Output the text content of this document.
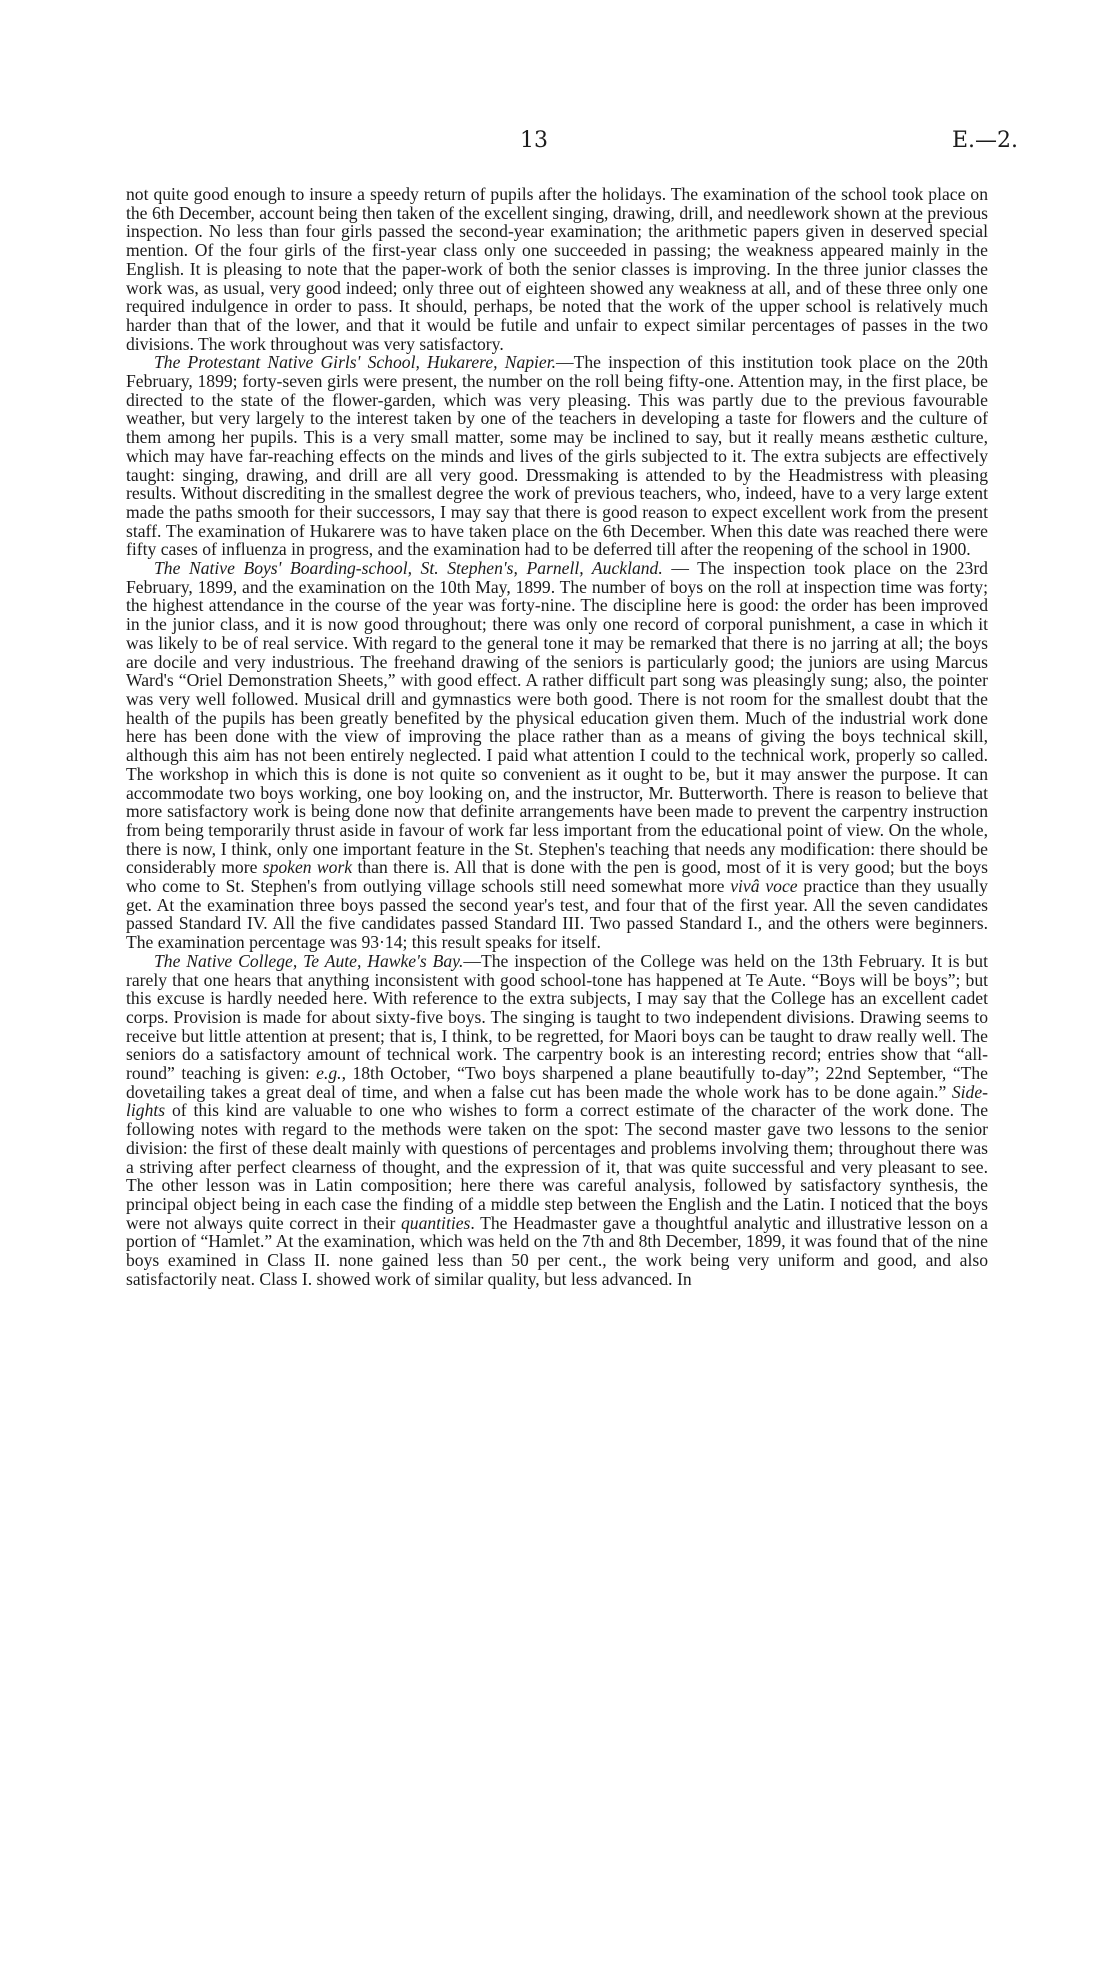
13	E.—2.

not quite good enough to insure a speedy return of pupils after the holidays. The examination of the school took place on the 6th December, account being then taken of the excellent singing, drawing, drill, and needlework shown at the previous inspection. No less than four girls passed the second-year examination; the arithmetic papers given in deserved special mention. Of the four girls of the first-year class only one succeeded in passing; the weakness appeared mainly in the English. It is pleasing to note that the paper-work of both the senior classes is improving. In the three junior classes the work was, as usual, very good indeed; only three out of eighteen showed any weakness at all, and of these three only one required indulgence in order to pass. It should, perhaps, be noted that the work of the upper school is relatively much harder than that of the lower, and that it would be futile and unfair to expect similar percentages of passes in the two divisions. The work throughout was very satisfactory.

The Protestant Native Girls' School, Hukarere, Napier.—The inspection of this institution took place on the 20th February, 1899; forty-seven girls were present, the number on the roll being fifty-one. Attention may, in the first place, be directed to the state of the flower-garden, which was very pleasing. This was partly due to the previous favourable weather, but very largely to the interest taken by one of the teachers in developing a taste for flowers and the culture of them among her pupils. This is a very small matter, some may be inclined to say, but it really means æsthetic culture, which may have far-reaching effects on the minds and lives of the girls subjected to it. The extra subjects are effectively taught: singing, drawing, and drill are all very good. Dressmaking is attended to by the Headmistress with pleasing results. Without discrediting in the smallest degree the work of previous teachers, who, indeed, have to a very large extent made the paths smooth for their successors, I may say that there is good reason to expect excellent work from the present staff. The examination of Hukarere was to have taken place on the 6th December. When this date was reached there were fifty cases of influenza in progress, and the examination had to be deferred till after the reopening of the school in 1900.

The Native Boys' Boarding-school, St. Stephen's, Parnell, Auckland. — The inspection took place on the 23rd February, 1899, and the examination on the 10th May, 1899. The number of boys on the roll at inspection time was forty; the highest attendance in the course of the year was forty-nine. The discipline here is good: the order has been improved in the junior class, and it is now good throughout; there was only one record of corporal punishment, a case in which it was likely to be of real service. With regard to the general tone it may be remarked that there is no jarring at all; the boys are docile and very industrious. The freehand drawing of the seniors is particularly good; the juniors are using Marcus Ward's “Oriel Demonstration Sheets,” with good effect. A rather difficult part song was pleasingly sung; also, the pointer was very well followed. Musical drill and gymnastics were both good. There is not room for the smallest doubt that the health of the pupils has been greatly benefited by the physical education given them. Much of the industrial work done here has been done with the view of improving the place rather than as a means of giving the boys technical skill, although this aim has not been entirely neglected. I paid what attention I could to the technical work, properly so called. The workshop in which this is done is not quite so convenient as it ought to be, but it may answer the purpose. It can accommodate two boys working, one boy looking on, and the instructor, Mr. Butterworth. There is reason to believe that more satisfactory work is being done now that definite arrangements have been made to prevent the carpentry instruction from being temporarily thrust aside in favour of work far less important from the educational point of view. On the whole, there is now, I think, only one important feature in the St. Stephen's teaching that needs any modification: there should be considerably more spoken work than there is. All that is done with the pen is good, most of it is very good; but the boys who come to St. Stephen's from outlying village schools still need somewhat more vivâ voce practice than they usually get. At the examination three boys passed the second year's test, and four that of the first year. All the seven candidates passed Standard IV. All the five candidates passed Standard III. Two passed Standard I., and the others were beginners. The examination percentage was 93·14; this result speaks for itself.

The Native College, Te Aute, Hawke's Bay.—The inspection of the College was held on the 13th February. It is but rarely that one hears that anything inconsistent with good school-tone has happened at Te Aute. “Boys will be boys”; but this excuse is hardly needed here. With reference to the extra subjects, I may say that the College has an excellent cadet corps. Provision is made for about sixty-five boys. The singing is taught to two independent divisions. Drawing seems to receive but little attention at present; that is, I think, to be regretted, for Maori boys can be taught to draw really well. The seniors do a satisfactory amount of technical work. The carpentry book is an interesting record; entries show that “all-round” teaching is given: e.g., 18th October, “Two boys sharpened a plane beautifully to-day”; 22nd September, “The dovetailing takes a great deal of time, and when a false cut has been made the whole work has to be done again.” Side-lights of this kind are valuable to one who wishes to form a correct estimate of the character of the work done. The following notes with regard to the methods were taken on the spot: The second master gave two lessons to the senior division: the first of these dealt mainly with questions of percentages and problems involving them; throughout there was a striving after perfect clearness of thought, and the expression of it, that was quite successful and very pleasant to see. The other lesson was in Latin composition; here there was careful analysis, followed by satisfactory synthesis, the principal object being in each case the finding of a middle step between the English and the Latin. I noticed that the boys were not always quite correct in their quantities. The Headmaster gave a thoughtful analytic and illustrative lesson on a portion of “Hamlet.” At the examination, which was held on the 7th and 8th December, 1899, it was found that of the nine boys examined in Class II. none gained less than 50 per cent., the work being very uniform and good, and also satisfactorily neat. Class I. showed work of similar quality, but less advanced. In
